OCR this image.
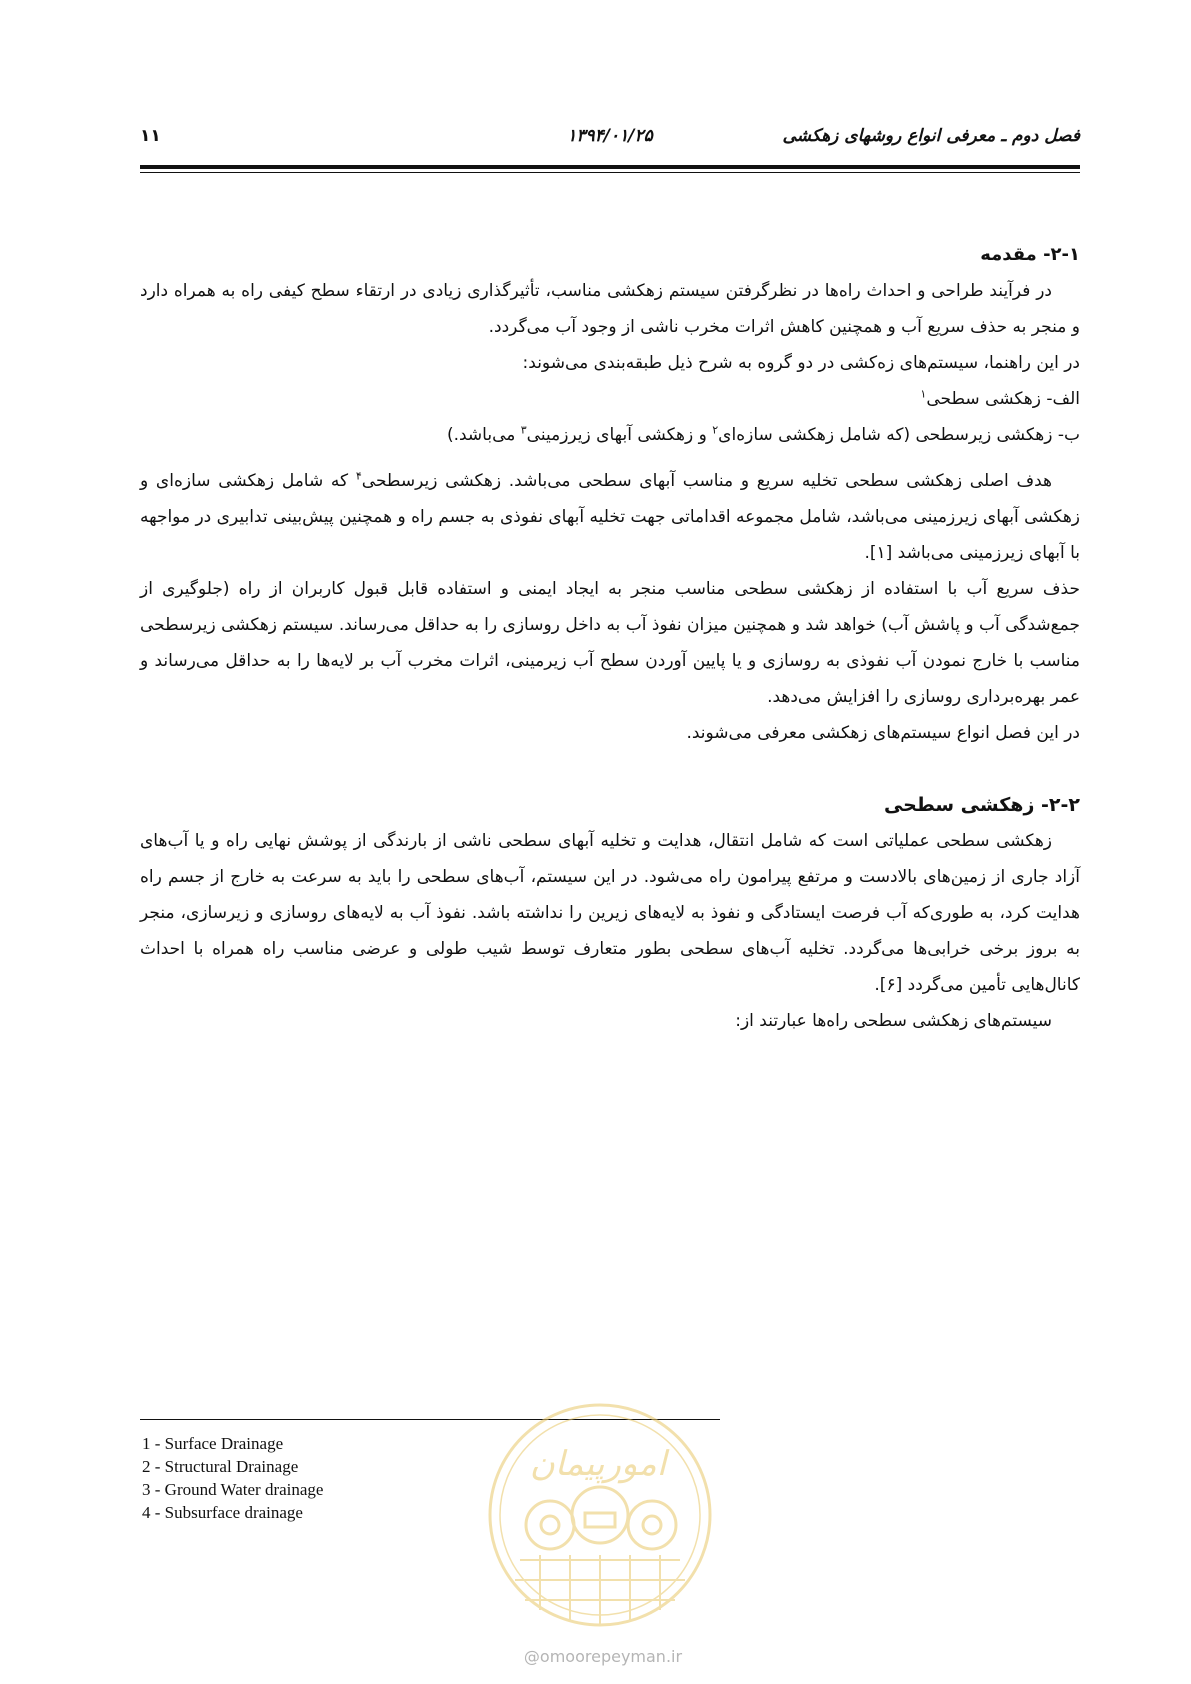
فصل دوم ـ معرفی انواع روشهای زهکشی
۱۳۹۴/۰۱/۲۵
۱۱

۲-۱- مقدمه

در فرآیند طراحی و احداث راه‌ها در نظرگرفتن سیستم زهکشی مناسب، تأثیرگذاری زیادی در ارتقاء سطح کیفی راه به همراه دارد و منجر به حذف سریع آب و همچنین کاهش اثرات مخرب ناشی از وجود آب می‌گردد.

در این راهنما، سیستم‌های زه‌کشی در دو گروه به شرح ذیل طبقه‌بندی می‌شوند:

الف- زهکشی سطحی$^۱$

ب- زهکشی زیرسطحی (که شامل زهکشی سازه‌ای$^۲$ و زهکشی آبهای زیرزمینی$^۳$ می‌باشد.)

هدف اصلی زهکشی سطحی تخلیه سریع و مناسب آبهای سطحی می‌باشد. زهکشی زیرسطحی$^۴$ که شامل زهکشی سازه‌ای و زهکشی آبهای زیرزمینی می‌باشد، شامل مجموعه اقداماتی جهت تخلیه آبهای نفوذی به جسم راه و همچنین پیش‌بینی تدابیری در مواجهه با آبهای زیرزمینی می‌باشد [۱].

حذف سریع آب با استفاده از زهکشی سطحی مناسب منجر به ایجاد ایمنی و استفاده قابل قبول کاربران از راه (جلوگیری از جمع‌شدگی آب و پاشش آب) خواهد شد و همچنین میزان نفوذ آب به داخل روسازی را به حداقل می‌رساند. سیستم زهکشی زیرسطحی مناسب با خارج نمودن آب نفوذی به روسازی و یا پایین آوردن سطح آب زیرمینی، اثرات مخرب آب بر لایه‌ها را به حداقل می‌رساند و عمر بهره‌برداری روسازی را افزایش می‌دهد.

در این فصل انواع سیستم‌های زهکشی معرفی می‌شوند.

۲-۲- زهکشی سطحی

زهکشی سطحی عملیاتی است که شامل انتقال، هدایت و تخلیه آبهای سطحی ناشی از بارندگی از پوشش نهایی راه و یا آب‌های آزاد جاری از زمین‌های بالادست و مرتفع پیرامون راه می‌شود. در این سیستم، آب‌های سطحی را باید به سرعت به خارج از جسم راه هدایت کرد، به طوری‌که آب فرصت ایستادگی و نفوذ به لایه‌های زیرین را نداشته باشد. نفوذ آب به لایه‌های روسازی و زیرسازی، منجر به بروز برخی خرابی‌ها می‌گردد. تخلیه آب‌های سطحی بطور متعارف توسط شیب طولی و عرضی مناسب راه همراه با احداث کانال‌هایی تأمین می‌گردد [۶].

سیستم‌های زهکشی سطحی راه‌ها عبارتند از:

1 - Surface Drainage
2 - Structural Drainage
3 - Ground Water drainage
4 - Subsurface drainage
امورپیمان
@omoorepeyman.ir
